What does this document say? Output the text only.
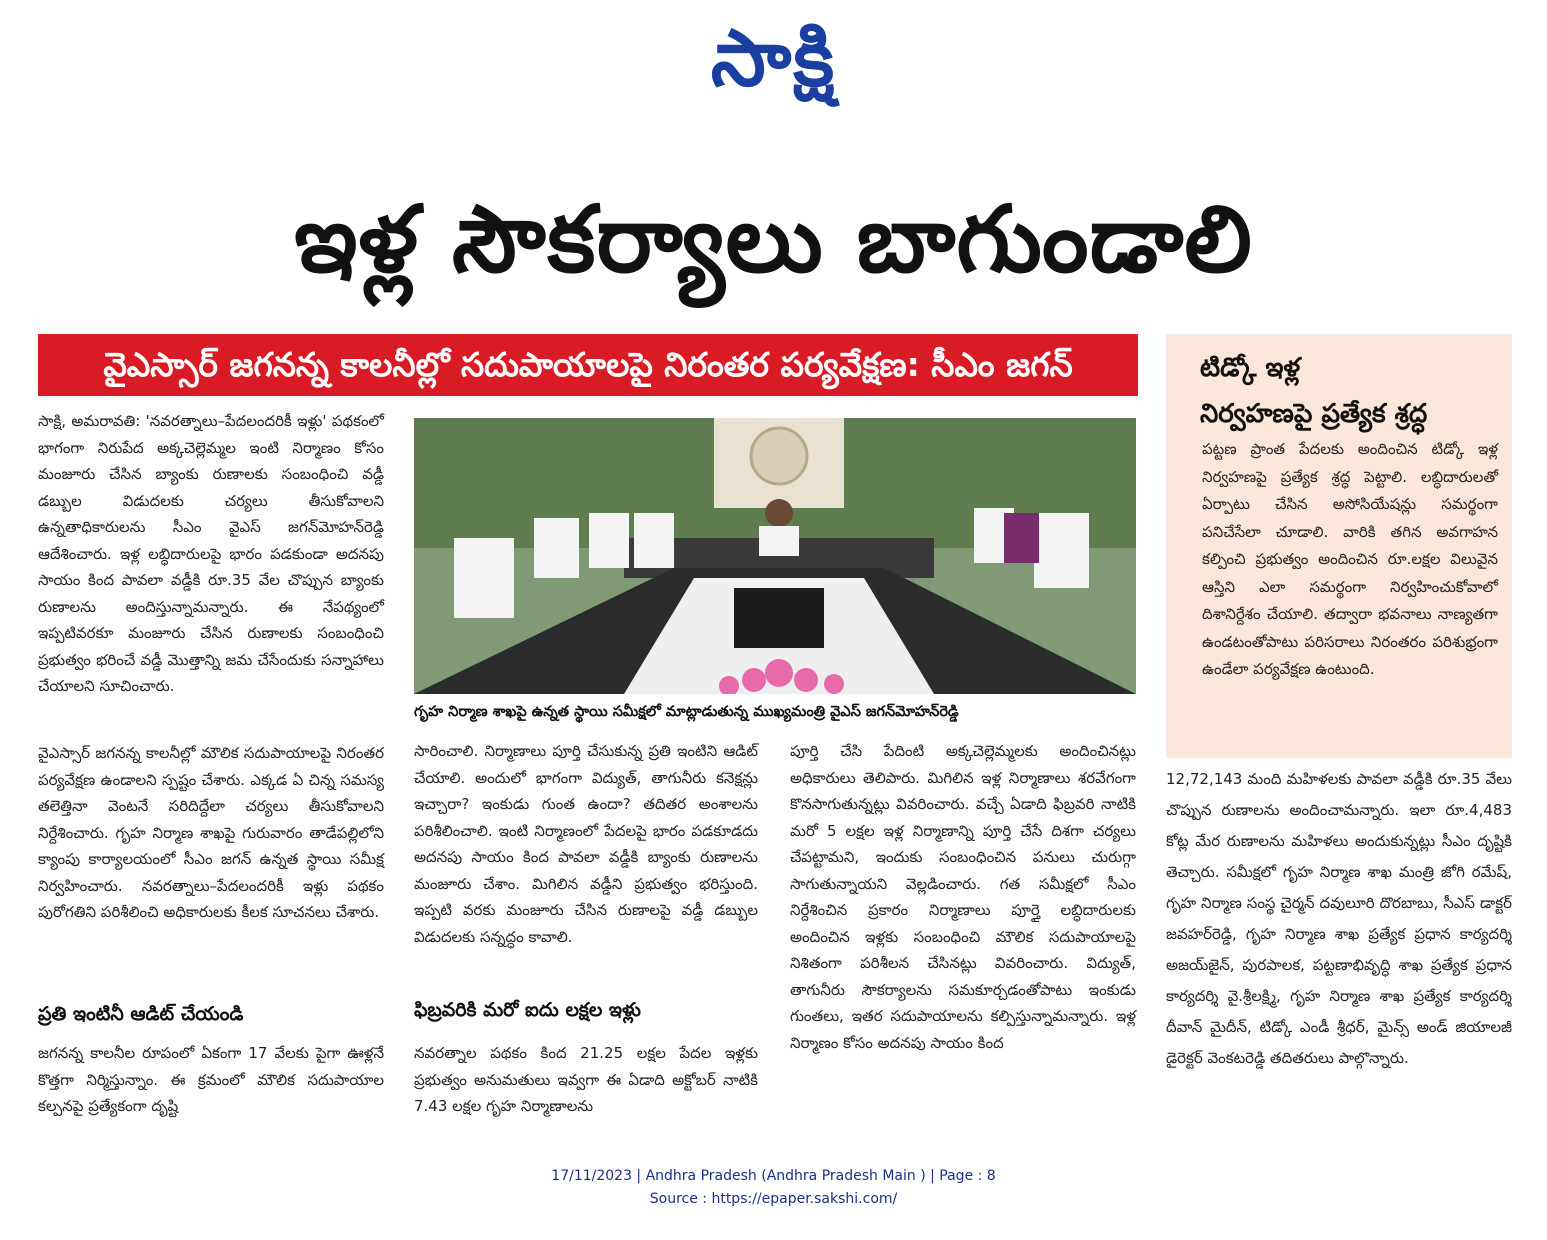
సాక్షి
ఇళ్ల సౌకర్యాలు బాగుండాలి
వైఎస్సార్ జగనన్న కాలనీల్లో సదుపాయాలపై నిరంతర పర్యవేక్షణ: సీఎం జగన్
సాక్షి, అమరావతి: 'నవరత్నాలు–పేదలందరికీ ఇళ్లు' పథకంలో భాగంగా నిరుపేద అక్కచెల్లెమ్మల ఇంటి నిర్మాణం కోసం మంజూరు చేసిన బ్యాంకు రుణాలకు సంబంధించి వడ్డీ డబ్బుల విడుదలకు చర్యలు తీసుకోవాలని ఉన్నతాధికారులను సీఎం వైఎస్ జగన్‌మోహన్‌రెడ్డి ఆదేశించారు. ఇళ్ల లబ్ధిదారులపై భారం పడకుండా అదనపు సాయం కింద పావలా వడ్డీకి రూ.35 వేల చొప్పున బ్యాంకు రుణాలను అందిస్తున్నామన్నారు. ఈ నేపథ్యంలో ఇప్పటివరకూ మంజూరు చేసిన రుణాలకు సంబంధించి ప్రభుత్వం భరించే వడ్డీ మొత్తాన్ని జమ చేసేందుకు సన్నాహాలు చేయాలని సూచించారు.
వైఎస్సార్ జగనన్న కాలనీల్లో మౌలిక సదుపాయాలపై నిరంతర పర్యవేక్షణ ఉండాలని స్పష్టం చేశారు. ఎక్కడ ఏ చిన్న సమస్య తలెత్తినా వెంటనే సరిదిద్దేలా చర్యలు తీసుకోవాలని నిర్దేశించారు. గృహ నిర్మాణ శాఖపై గురువారం తాడేపల్లిలోని క్యాంపు కార్యాలయంలో సీఎం జగన్ ఉన్నత స్థాయి సమీక్ష నిర్వహించారు. నవరత్నాలు–పేదలందరికీ ఇళ్లు పథకం పురోగతిని పరిశీలించి అధికారులకు కీలక సూచనలు చేశారు.
ప్రతి ఇంటినీ ఆడిట్ చేయండి
జగనన్న కాలనీల రూపంలో ఏకంగా 17 వేలకు పైగా ఊళ్లనే కొత్తగా నిర్మిస్తున్నాం. ఈ క్రమంలో మౌలిక సదుపాయాల కల్పనపై ప్రత్యేకంగా దృష్టి
గృహ నిర్మాణ శాఖపై ఉన్నత స్థాయి సమీక్షలో మాట్లాడుతున్న ముఖ్యమంత్రి వైఎస్ జగన్‌మోహన్‌రెడ్డి
సారించాలి. నిర్మాణాలు పూర్తి చేసుకున్న ప్రతి ఇంటిని ఆడిట్ చేయాలి. అందులో భాగంగా విద్యుత్, తాగునీరు కనెక్షన్లు ఇచ్చారా? ఇంకుడు గుంత ఉందా? తదితర అంశాలను పరిశీలించాలి. ఇంటి నిర్మాణంలో పేదలపై భారం పడకూడదు అదనపు సాయం కింద పావలా వడ్డీకి బ్యాంకు రుణాలను మంజూరు చేశాం. మిగిలిన వడ్డీని ప్రభుత్వం భరిస్తుంది. ఇప్పటి వరకు మంజూరు చేసిన రుణాలపై వడ్డీ డబ్బుల విడుదలకు సన్నద్ధం కావాలి.
ఫిబ్రవరికి మరో ఐదు లక్షల ఇళ్లు
నవరత్నాల పథకం కింద 21.25 లక్షల పేదల ఇళ్లకు ప్రభుత్వం అనుమతులు ఇవ్వగా ఈ ఏడాది అక్టోబర్ నాటికి 7.43 లక్షల గృహ నిర్మాణాలను
పూర్తి చేసి పేదింటి అక్కచెల్లెమ్మలకు అందించినట్లు అధికారులు తెలిపారు. మిగిలిన ఇళ్ల నిర్మాణాలు శరవేగంగా కొనసాగుతున్నట్లు వివరించారు. వచ్చే ఏడాది ఫిబ్రవరి నాటికి మరో 5 లక్షల ఇళ్ల నిర్మాణాన్ని పూర్తి చేసే దిశగా చర్యలు చేపట్టామని, ఇందుకు సంబంధించిన పనులు చురుగ్గా సాగుతున్నాయని వెల్లడించారు. గత సమీక్షలో సీఎం నిర్దేశించిన ప్రకారం నిర్మాణాలు పూర్తై లబ్ధిదారులకు అందించిన ఇళ్లకు సంబంధించి మౌలిక సదుపాయాలపై నిశితంగా పరిశీలన చేసినట్లు వివరించారు. విద్యుత్, తాగునీరు సౌకర్యాలను సమకూర్చడంతోపాటు ఇంకుడు గుంతలు, ఇతర సదుపాయాలను కల్పిస్తున్నామన్నారు. ఇళ్ల నిర్మాణం కోసం అదనపు సాయం కింద
టిడ్కో ఇళ్ల
నిర్వహణపై ప్రత్యేక శ్రద్ధ
పట్టణ ప్రాంత పేదలకు అందించిన టిడ్కో ఇళ్ల నిర్వహణపై ప్రత్యేక శ్రద్ధ పెట్టాలి. లబ్ధిదారులతో ఏర్పాటు చేసిన అసోసియేషన్లు సమర్థంగా పనిచేసేలా చూడాలి. వారికి తగిన అవగాహన కల్పించి ప్రభుత్వం అందించిన రూ.లక్షల విలువైన ఆస్తిని ఎలా సమర్థంగా నిర్వహించుకోవాలో దిశానిర్దేశం చేయాలి. తద్వారా భవనాలు నాణ్యతగా ఉండటంతోపాటు పరిసరాలు నిరంతరం పరిశుభ్రంగా ఉండేలా పర్యవేక్షణ ఉంటుంది.
12,72,143 మంది మహిళలకు పావలా వడ్డీకి రూ.35 వేలు చొప్పున రుణాలను అందించామన్నారు. ఇలా రూ.4,483 కోట్ల మేర రుణాలను మహిళలు అందుకున్నట్లు సీఎం దృష్టికి తెచ్చారు. సమీక్షలో గృహ నిర్మాణ శాఖ మంత్రి జోగి రమేష్, గృహ నిర్మాణ సంస్థ చైర్మన్ దవులూరి దొరబాబు, సీఎస్ డాక్టర్ జవహర్‌రెడ్డి, గృహ నిర్మాణ శాఖ ప్రత్యేక ప్రధాన కార్యదర్శి అజయ్‌జైన్, పురపాలక, పట్టణాభివృద్ధి శాఖ ప్రత్యేక ప్రధాన కార్యదర్శి వై.శ్రీలక్ష్మి, గృహ నిర్మాణ శాఖ ప్రత్యేక కార్యదర్శి దీవాన్ మైదీన్, టిడ్కో ఎండీ శ్రీధర్, మైన్స్ అండ్ జియాలజీ డైరెక్టర్ వెంకటరెడ్డి తదితరులు పాల్గొన్నారు.
17/11/2023 | Andhra Pradesh (Andhra Pradesh Main ) | Page : 8
Source : https://epaper.sakshi.com/
